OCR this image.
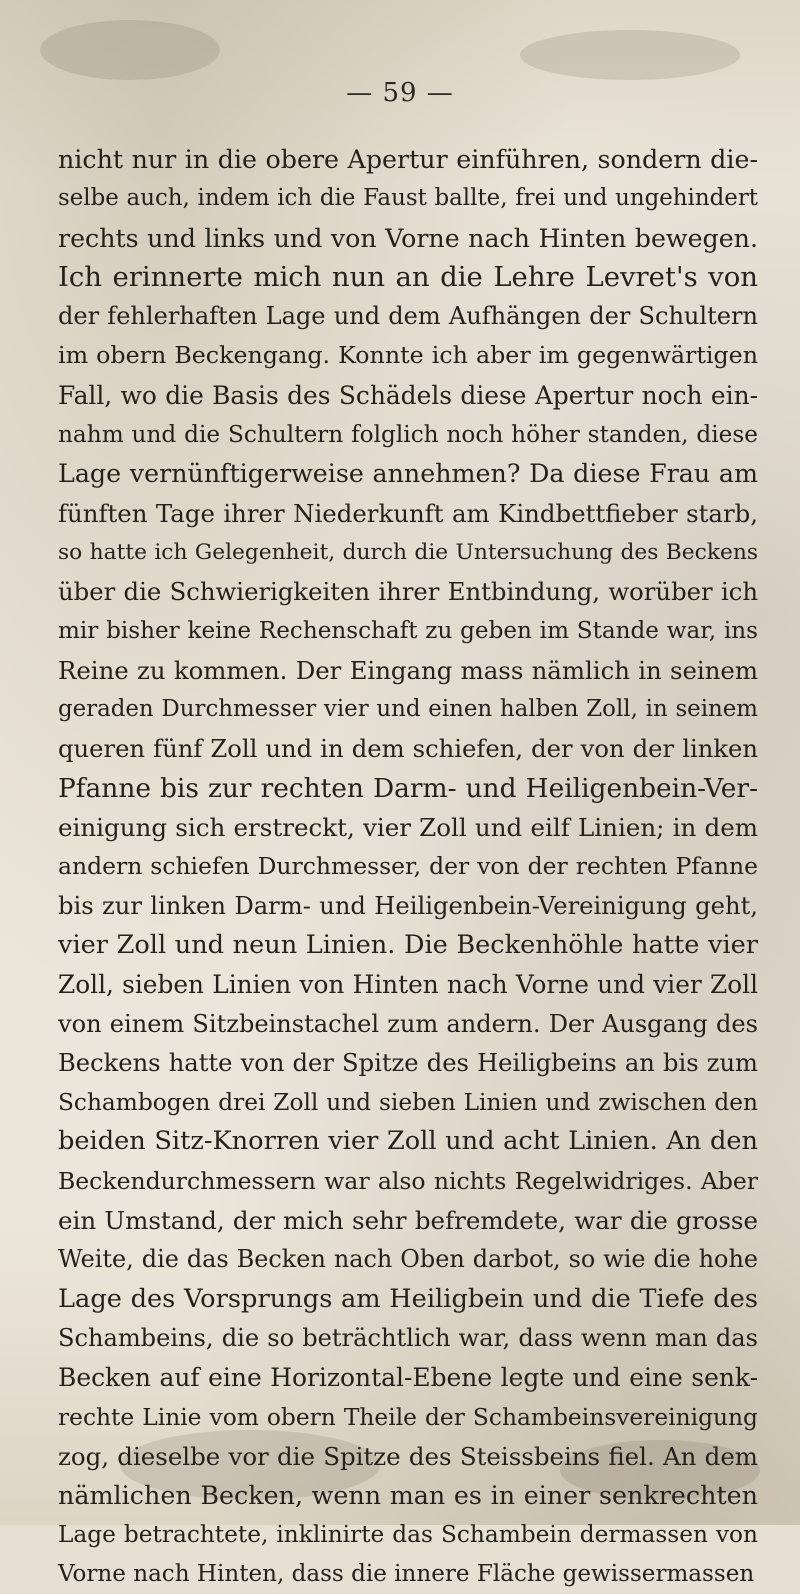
— 59 —
nicht nur in die obere Apertur einführen, sondern die-
selbe auch, indem ich die Faust ballte, frei und ungehindert
rechts und links und von Vorne nach Hinten bewegen.
Ich erinnerte mich nun an die Lehre Levret's von
der fehlerhaften Lage und dem Aufhängen der Schultern
im obern Beckengang. Konnte ich aber im gegenwärtigen
Fall, wo die Basis des Schädels diese Apertur noch ein-
nahm und die Schultern folglich noch höher standen, diese
Lage vernünftigerweise annehmen? Da diese Frau am
fünften Tage ihrer Niederkunft am Kindbettfieber starb,
so hatte ich Gelegenheit, durch die Untersuchung des Beckens
über die Schwierigkeiten ihrer Entbindung, worüber ich
mir bisher keine Rechenschaft zu geben im Stande war, ins
Reine zu kommen. Der Eingang mass nämlich in seinem
geraden Durchmesser vier und einen halben Zoll, in seinem
queren fünf Zoll und in dem schiefen, der von der linken
Pfanne bis zur rechten Darm- und Heiligenbein-Ver-
einigung sich erstreckt, vier Zoll und eilf Linien; in dem
andern schiefen Durchmesser, der von der rechten Pfanne
bis zur linken Darm- und Heiligenbein-Vereinigung geht,
vier Zoll und neun Linien. Die Beckenhöhle hatte vier
Zoll, sieben Linien von Hinten nach Vorne und vier Zoll
von einem Sitzbeinstachel zum andern. Der Ausgang des
Beckens hatte von der Spitze des Heiligbeins an bis zum
Schambogen drei Zoll und sieben Linien und zwischen den
beiden Sitz-Knorren vier Zoll und acht Linien. An den
Beckendurchmessern war also nichts Regelwidriges. Aber
ein Umstand, der mich sehr befremdete, war die grosse
Weite, die das Becken nach Oben darbot, so wie die hohe
Lage des Vorsprungs am Heiligbein und die Tiefe des
Schambeins, die so beträchtlich war, dass wenn man das
Becken auf eine Horizontal-Ebene legte und eine senk-
rechte Linie vom obern Theile der Schambeinsvereinigung
zog, dieselbe vor die Spitze des Steissbeins fiel. An dem
nämlichen Becken, wenn man es in einer senkrechten
Lage betrachtete, inklinirte das Schambein dermassen von
Vorne nach Hinten, dass die innere Fläche gewissermassen
